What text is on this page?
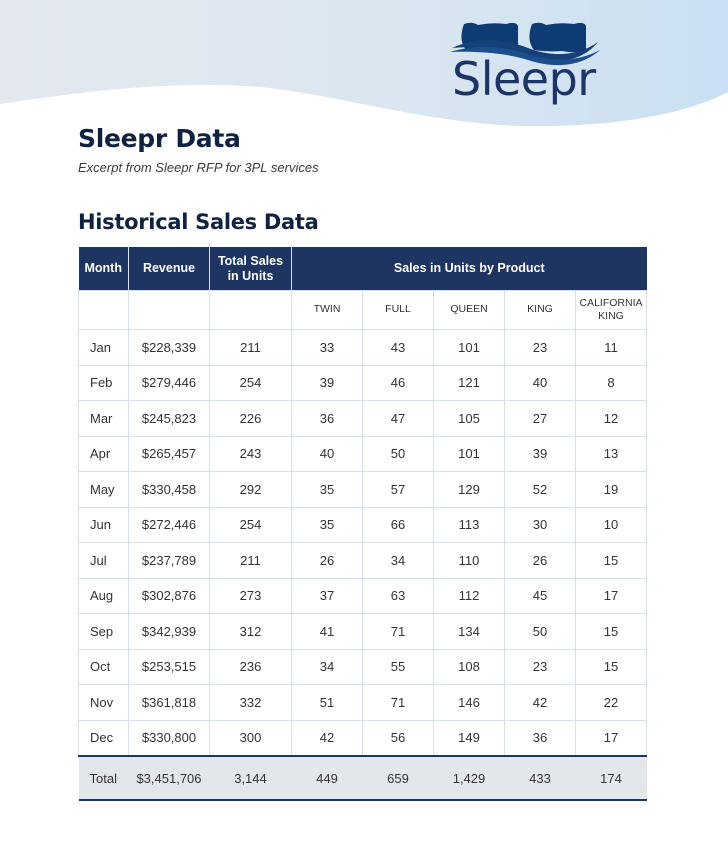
Sleepr
Sleepr Data
Excerpt from Sleepr RFP for 3PL services
Historical Sales Data
Month	Revenue	Total Sales in Units	Sales in Units by Product				
			TWIN	FULL	QUEEN	KING	CALIFORNIA KING
Jan	$228,339	211	33	43	101	23	11
Feb	$279,446	254	39	46	121	40	8
Mar	$245,823	226	36	47	105	27	12
Apr	$265,457	243	40	50	101	39	13
May	$330,458	292	35	57	129	52	19
Jun	$272,446	254	35	66	113	30	10
Jul	$237,789	211	26	34	110	26	15
Aug	$302,876	273	37	63	112	45	17
Sep	$342,939	312	41	71	134	50	15
Oct	$253,515	236	34	55	108	23	15
Nov	$361,818	332	51	71	146	42	22
Dec	$330,800	300	42	56	149	36	17
Total	$3,451,706	3,144	449	659	1,429	433	174
